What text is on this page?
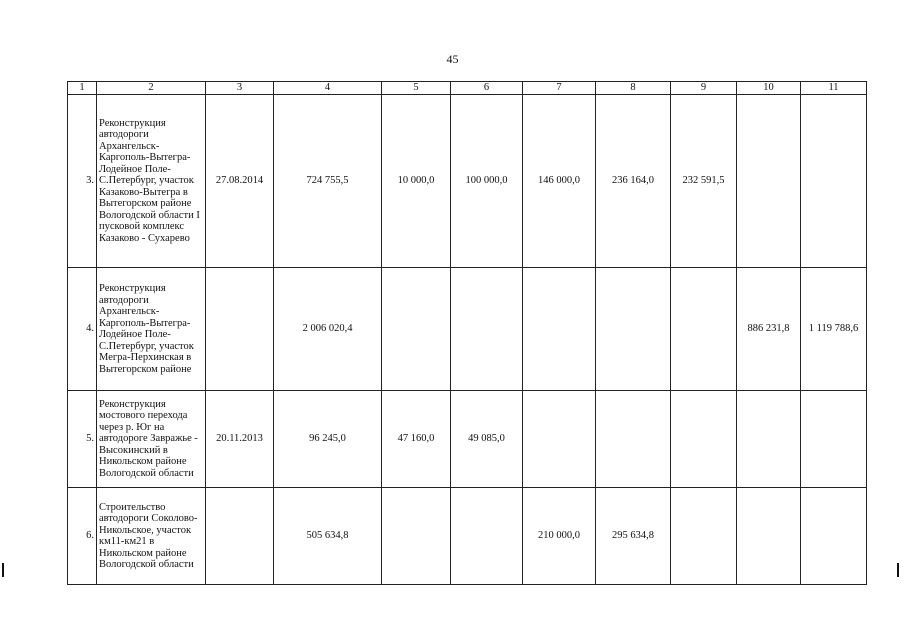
45
1	2	3	4	5	6	7	8	9	10	11
3.	Реконструкция автодороги Архангельск-Каргополь-Вытегра-Лодейное Поле-С.Петербург, участок Казаково-Вытегра в Вытегорском районе Вологодской области I пусковой комплекс Казаково - Сухарево	27.08.2014	724 755,5	10 000,0	100 000,0	146 000,0	236 164,0	232 591,5		
4.	Реконструкция автодороги Архангельск-Каргополь-Вытегра-Лодейное Поле-С.Петербург, участок Мегра-Перхинская в Вытегорском районе		2 006 020,4						886 231,8	1 119 788,6
5.	Реконструкция мостового перехода через р. Юг на автодороге Завражье - Высокинский в Никольском районе Вологодской области	20.11.2013	96 245,0	47 160,0	49 085,0					
6.	Строительство автодороги Соколово-Никольское, участок км11-км21 в Никольском районе Вологодской области		505 634,8			210 000,0	295 634,8			
